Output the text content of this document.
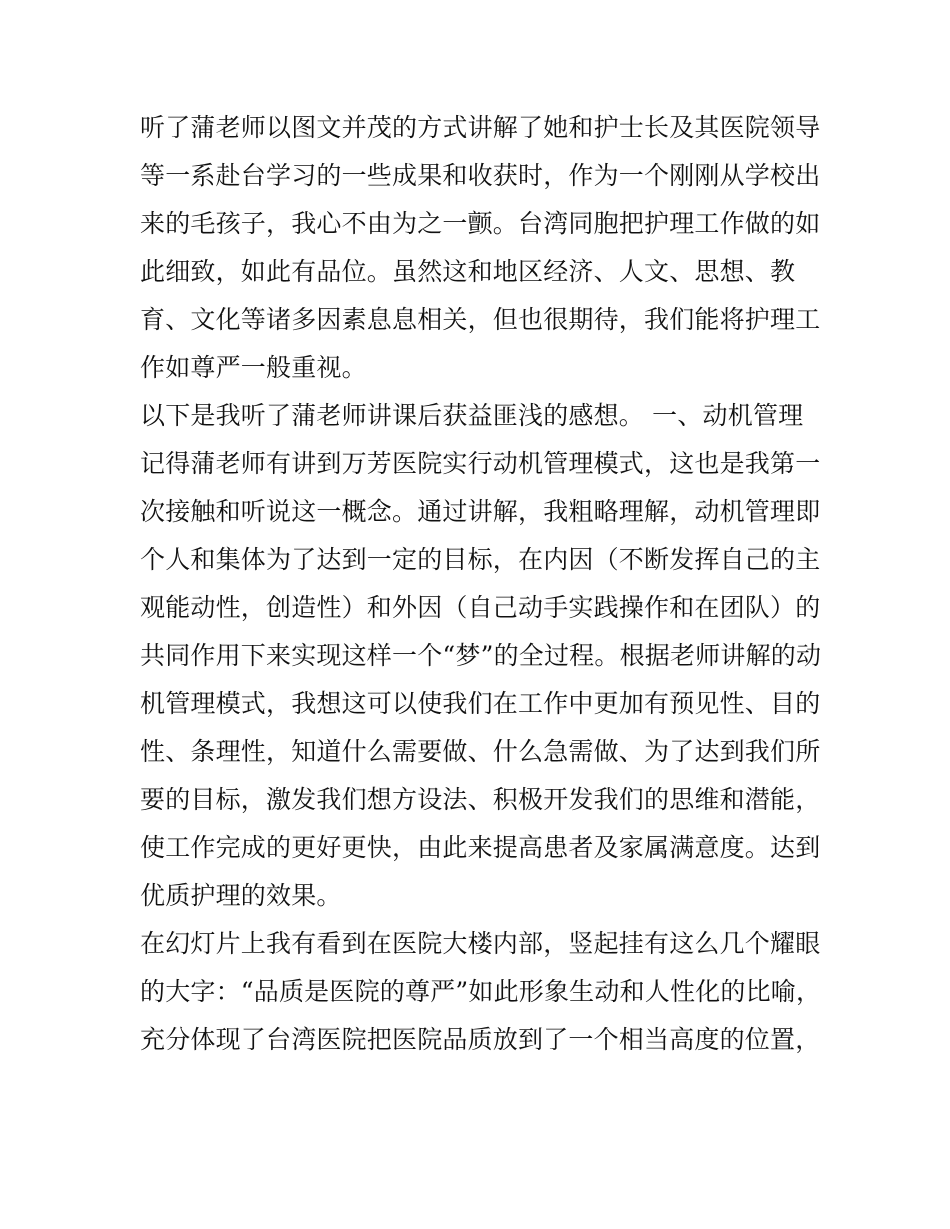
听了蒲老师以图文并茂的方式讲解了她和护士长及其医院领导
等一系赴台学习的一些成果和收获时，作为一个刚刚从学校出
来的毛孩子，我心不由为之一颤。台湾同胞把护理工作做的如
此细致，如此有品位。虽然这和地区经济、人文、思想、教
育、文化等诸多因素息息相关，但也很期待，我们能将护理工
作如尊严一般重视。
以下是我听了蒲老师讲课后获益匪浅的感想。 一、动机管理
记得蒲老师有讲到万芳医院实行动机管理模式，这也是我第一
次接触和听说这一概念。通过讲解，我粗略理解，动机管理即
个人和集体为了达到一定的目标，在内因（不断发挥自己的主
观能动性，创造性）和外因（自己动手实践操作和在团队）的
共同作用下来实现这样一个“梦”的全过程。根据老师讲解的动
机管理模式，我想这可以使我们在工作中更加有预见性、目的
性、条理性，知道什么需要做、什么急需做、为了达到我们所
要的目标，激发我们想方设法、积极开发我们的思维和潜能，
使工作完成的更好更快，由此来提高患者及家属满意度。达到
优质护理的效果。
在幻灯片上我有看到在医院大楼内部，竖起挂有这么几个耀眼
的大字：“品质是医院的尊严”如此形象生动和人性化的比喻，
充分体现了台湾医院把医院品质放到了一个相当高度的位置，
